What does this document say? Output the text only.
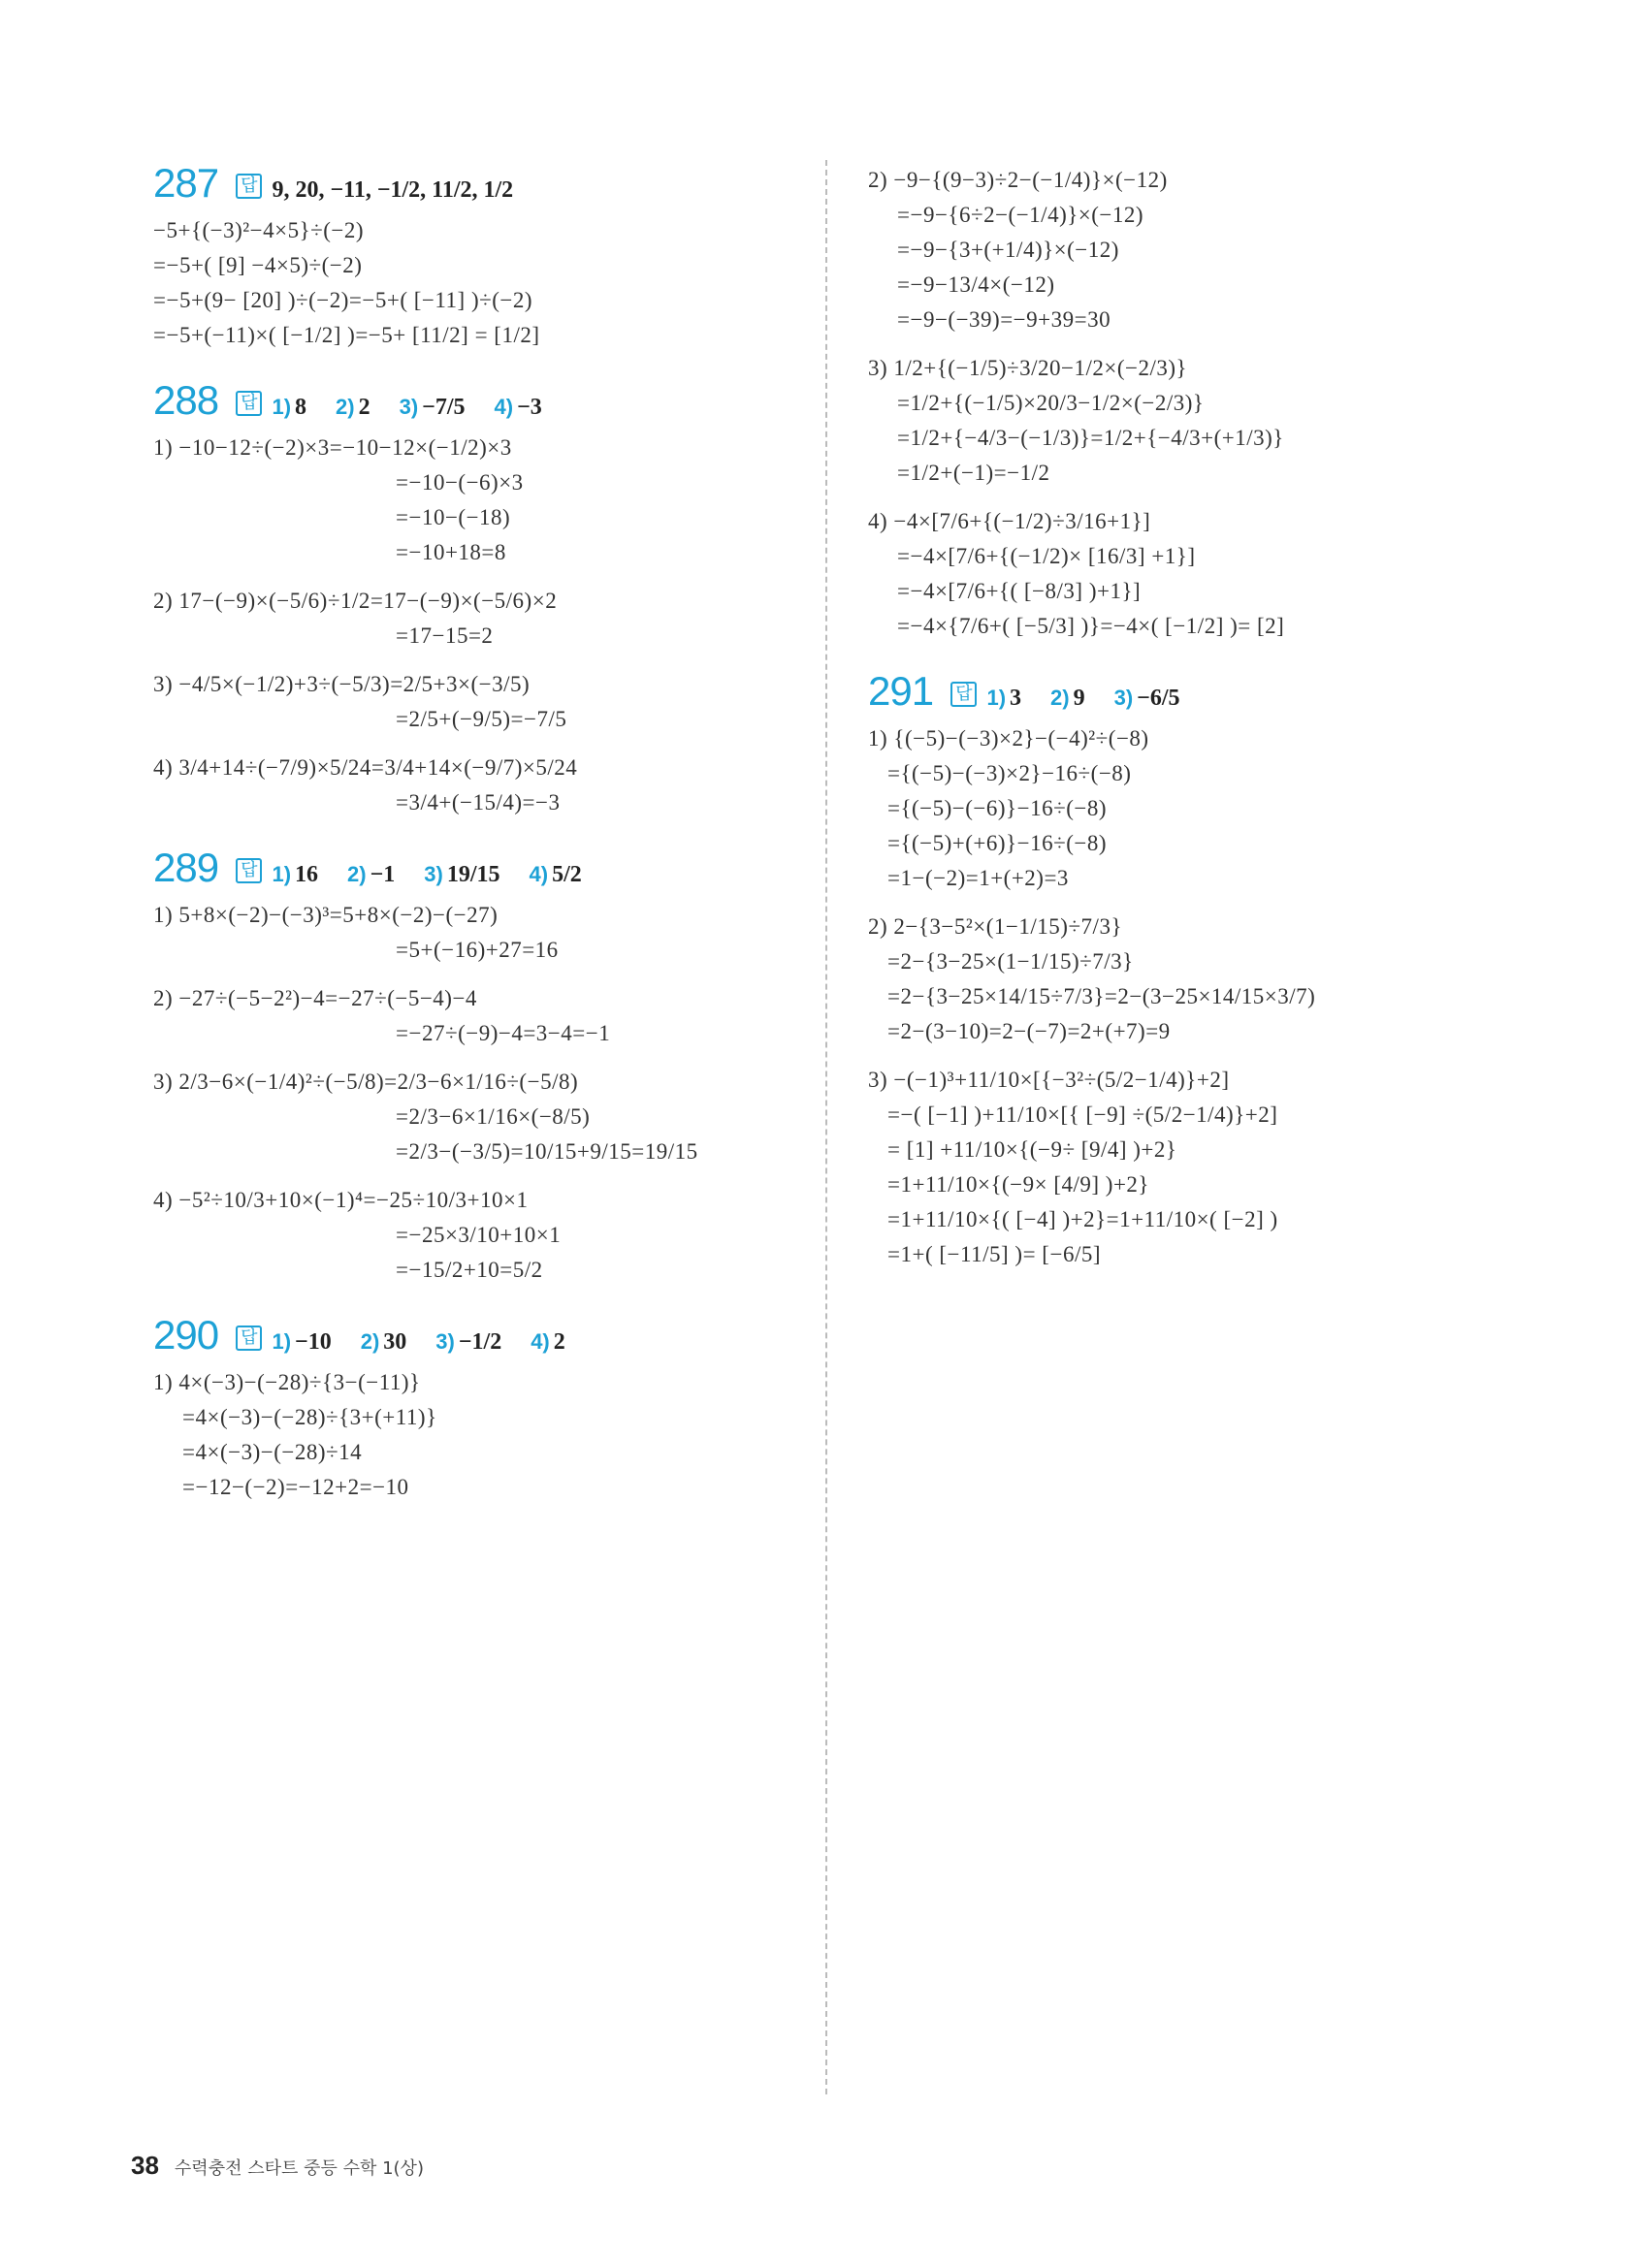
287 답 9, 20, −11, −1/2, 11/2, 1/2
−5+{(−3)²−4×5}÷(−2)
=−5+( [9] −4×5)÷(−2)
=−5+(9− [20] )÷(−2)=−5+( [−11] )÷(−2)
=−5+(−11)×( [−1/2] )=−5+ [11/2] = [1/2]
288 답 1) 8 2) 2 3) −7/5 4) −3
1) −10−12÷(−2)×3=−10−12×(−1/2)×3
=−10−(−6)×3
=−10−(−18)
=−10+18=8
2) 17−(−9)×(−5/6)÷1/2=17−(−9)×(−5/6)×2
=17−15=2
3) −4/5×(−1/2)+3÷(−5/3)=2/5+3×(−3/5)
=2/5+(−9/5)=−7/5
4) 3/4+14÷(−7/9)×5/24=3/4+14×(−9/7)×5/24
=3/4+(−15/4)=−3
289 답 1) 16 2) −1 3) 19/15 4) 5/2
1) 5+8×(−2)−(−3)³=5+8×(−2)−(−27)
=5+(−16)+27=16
2) −27÷(−5−2²)−4=−27÷(−5−4)−4
=−27÷(−9)−4=3−4=−1
3) 2/3−6×(−1/4)²÷(−5/8)=2/3−6×1/16÷(−5/8)
=2/3−6×1/16×(−8/5)
=2/3−(−3/5)=10/15+9/15=19/15
4) −5²÷10/3+10×(−1)⁴=−25÷10/3+10×1
=−25×3/10+10×1
=−15/2+10=5/2
290 답 1) −10 2) 30 3) −1/2 4) 2
1) 4×(−3)−(−28)÷{3−(−11)}
=4×(−3)−(−28)÷{3+(+11)}
=4×(−3)−(−28)÷14
=−12−(−2)=−12+2=−10
2) −9−{(9−3)÷2−(−1/4)}×(−12)
=−9−{6÷2−(−1/4)}×(−12)
=−9−{3+(+1/4)}×(−12)
=−9−13/4×(−12)
=−9−(−39)=−9+39=30
3) 1/2+{(−1/5)÷3/20−1/2×(−2/3)}
=1/2+{(−1/5)×20/3−1/2×(−2/3)}
=1/2+{−4/3−(−1/3)}=1/2+{−4/3+(+1/3)}
=1/2+(−1)=−1/2
4) −4×[7/6+{(−1/2)÷3/16+1}]
=−4×[7/6+{(−1/2)× [16/3] +1}]
=−4×[7/6+{( [−8/3] )+1}]
=−4×{7/6+( [−5/3] )}=−4×( [−1/2] )= [2]
291 답 1) 3 2) 9 3) −6/5
1) {(−5)−(−3)×2}−(−4)²÷(−8)
={(−5)−(−3)×2}−16÷(−8)
={(−5)−(−6)}−16÷(−8)
={(−5)+(+6)}−16÷(−8)
=1−(−2)=1+(+2)=3
2) 2−{3−5²×(1−1/15)÷7/3}
=2−{3−25×(1−1/15)÷7/3}
=2−{3−25×14/15÷7/3}=2−(3−25×14/15×3/7)
=2−(3−10)=2−(−7)=2+(+7)=9
3) −(−1)³+11/10×[{−3²÷(5/2−1/4)}+2]
=−( [−1] )+11/10×[{ [−9] ÷(5/2−1/4)}+2]
= [1] +11/10×{(−9÷ [9/4] )+2}
=1+11/10×{(−9× [4/9] )+2}
=1+11/10×{( [−4] )+2}=1+11/10×( [−2] )
=1+( [−11/5] )= [−6/5]
38 수력충전 스타트 중등 수학 1(상)
